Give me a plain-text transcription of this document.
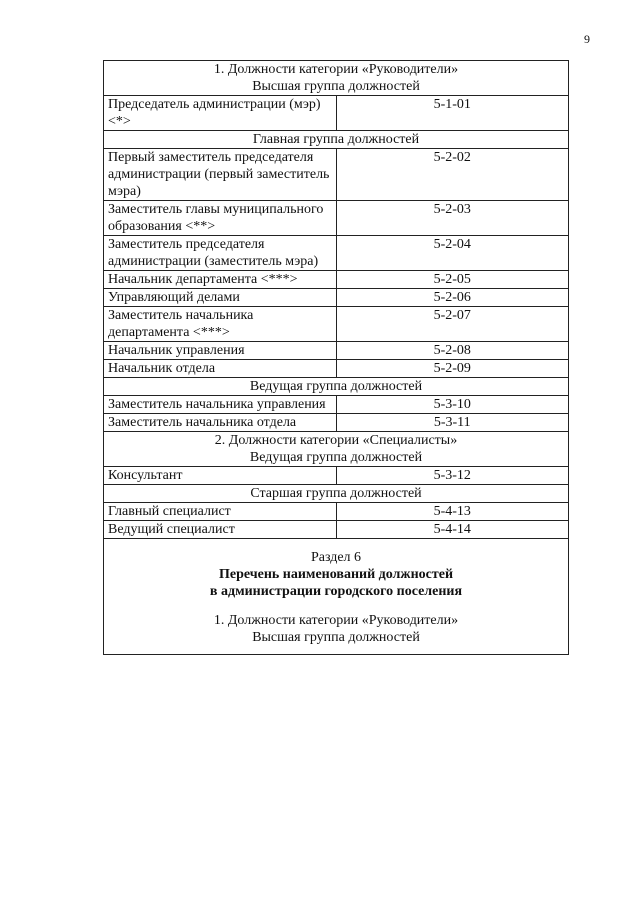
9
1. Должности категории «Руководители»
Высшая группа должностей	

Председатель администрации (мэр) <*>	5-1-01
Главная группа должностей	
Первый заместитель председателя администрации (первый заместитель мэра)	5-2-02
Заместитель главы муниципального образования <**>	5-2-03
Заместитель председателя администрации (заместитель мэра)	5-2-04
Начальник департамента <***>	5-2-05
Управляющий делами	5-2-06
Заместитель начальника департамента <***>	5-2-07
Начальник управления	5-2-08
Начальник отдела	5-2-09
Ведущая группа должностей	
Заместитель начальника управления	5-3-10
Заместитель начальника отдела	5-3-11

2. Должности категории «Специалисты»
Ведущая группа должностей	

Консультант	5-3-12
Старшая группа должностей	
Главный специалист	5-4-13
Ведущий специалист	5-4-14

Раздел 6
Перечень наименований должностей
в администрации городского поселения
1. Должности категории «Руководители»
Высшая группа должностей	
